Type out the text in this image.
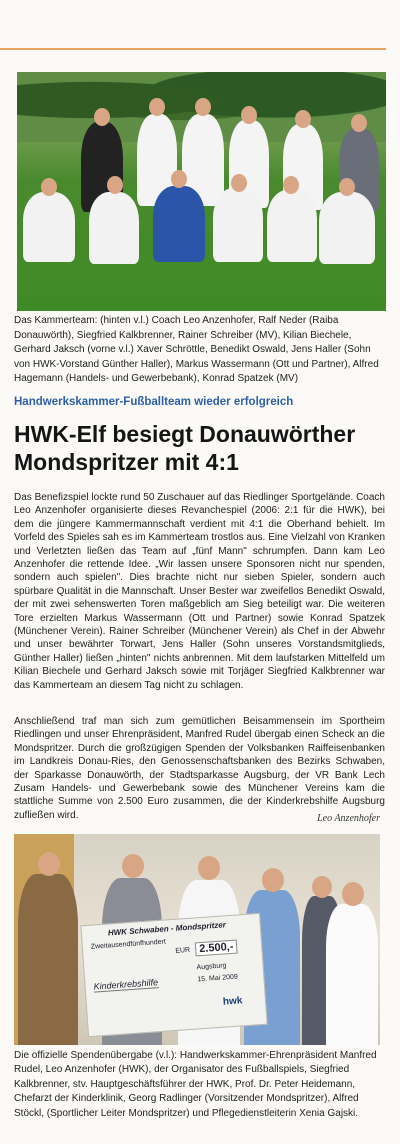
Das Kammerteam: (hinten v.l.) Coach Leo Anzenhofer, Ralf Neder (Raiba Donauwörth), Siegfried Kalkbrenner, Rainer Schreiber (MV), Kilian Biechele, Gerhard Jaksch (vorne v.l.) Xaver Schröttle, Benedikt Oswald, Jens Haller (Sohn von HWK-Vorstand Günther Haller), Markus Wassermann (Ott und Partner), Alfred Hagemann (Handels- und Gewerbebank), Konrad Spatzek (MV)
Handwerkskammer-Fußballteam wieder erfolgreich
HWK-Elf besiegt Donauwörther Mondspritzer mit 4:1
Das Benefizspiel lockte rund 50 Zuschauer auf das Riedlinger Sportgelände. Coach Leo Anzenhofer organisierte dieses Revanchespiel (2006: 2:1 für die HWK), bei dem die jüngere Kammermannschaft verdient mit 4:1 die Oberhand behielt. Im Vorfeld des Spieles sah es im Kammerteam trostlos aus. Eine Vielzahl von Kranken und Verletzten ließen das Team auf „fünf Mann" schrumpfen. Dann kam Leo Anzenhofer die rettende Idee. „Wir lassen unsere Sponsoren nicht nur spenden, sondern auch spielen". Dies brachte nicht nur sieben Spieler, sondern auch spürbare Qualität in die Mannschaft. Unser Bester war zweifellos Benedikt Oswald, der mit zwei sehenswerten Toren maßgeblich am Sieg beteiligt war. Die weiteren Tore erzielten Markus Wassermann (Ott und Partner) sowie Konrad Spatzek (Münchener Verein). Rainer Schreiber (Münchener Verein) als Chef in der Abwehr und unser bewährter Torwart, Jens Haller (Sohn unseres Vorstandsmitglieds, Günther Haller) ließen „hinten" nichts anbrennen. Mit dem laufstarken Mittelfeld um Kilian Biechele und Gerhard Jaksch sowie mit Torjäger Siegfried Kalkbrenner war das Kammerteam an diesem Tag nicht zu schlagen.
Anschließend traf man sich zum gemütlichen Beisammensein im Sportheim Riedlingen und unser Ehrenpräsident, Manfred Rudel übergab einen Scheck an die Mondspritzer. Durch die großzügigen Spenden der Volksbanken Raiffeisenbanken im Landkreis Donau-Ries, den Genossenschaftsbanken des Bezirks Schwaben, der Sparkasse Donauwörth, der Stadtsparkasse Augsburg, der VR Bank Lech Zusam Handels- und Gewerbebank sowie des Münchener Vereins kam die stattliche Summe von 2.500 Euro zusammen, die der Kinderkrebshilfe Augsburg zufließen wird.	Leo Anzenhofer
HWK Schwaben - Mondspritzer
Zweitausendfünfhundert
EUR 2.500,-
Augsburg
15. Mai 2009
Kinderkrebshilfe
hwk
Die offizielle Spendenübergabe (v.l.): Handwerkskammer-Ehrenpräsident Manfred Rudel, Leo Anzenhofer (HWK), der Organisator des Fußballspiels, Siegfried Kalkbrenner, stv. Hauptgeschäftsführer der HWK, Prof. Dr. Peter Heidemann, Chefarzt der Kinderklinik, Georg Radlinger (Vorsitzender Mondspritzer), Alfred Stöckl, (Sportlicher Leiter Mondspritzer) und Pflegedienstleiterin Xenia Gajski.
